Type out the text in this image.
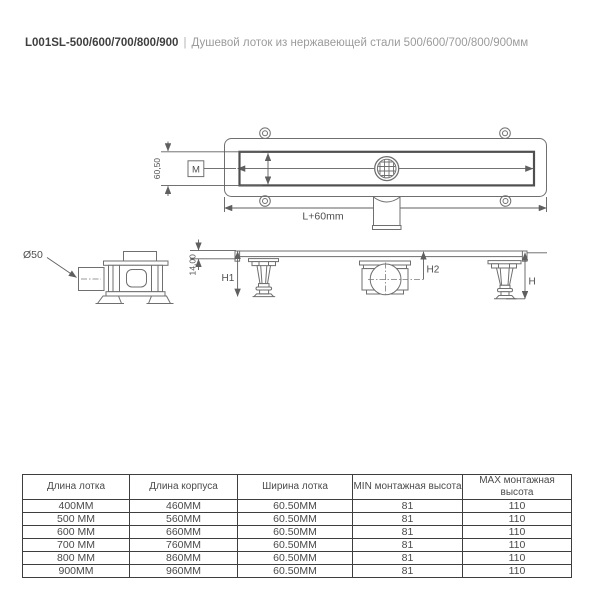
L001SL-500/600/700/800/900 | Душевой лоток из нержавеющей стали 500/600/700/800/900мм
M
60,50
L+60mm
Ø50	14,00
H1
H2
H
Длина лотка	Длина корпуса	Ширина лотка	MIN монтажная высота	MAX монтажная высота
400MM	460MM	60.50MM	81	110
500 MM	560MM	60.50MM	81	110
600 MM	660MM	60.50MM	81	110
700 MM	760MM	60.50MM	81	110
800 MM	860MM	60.50MM	81	110
900MM	960MM	60.50MM	81	110
